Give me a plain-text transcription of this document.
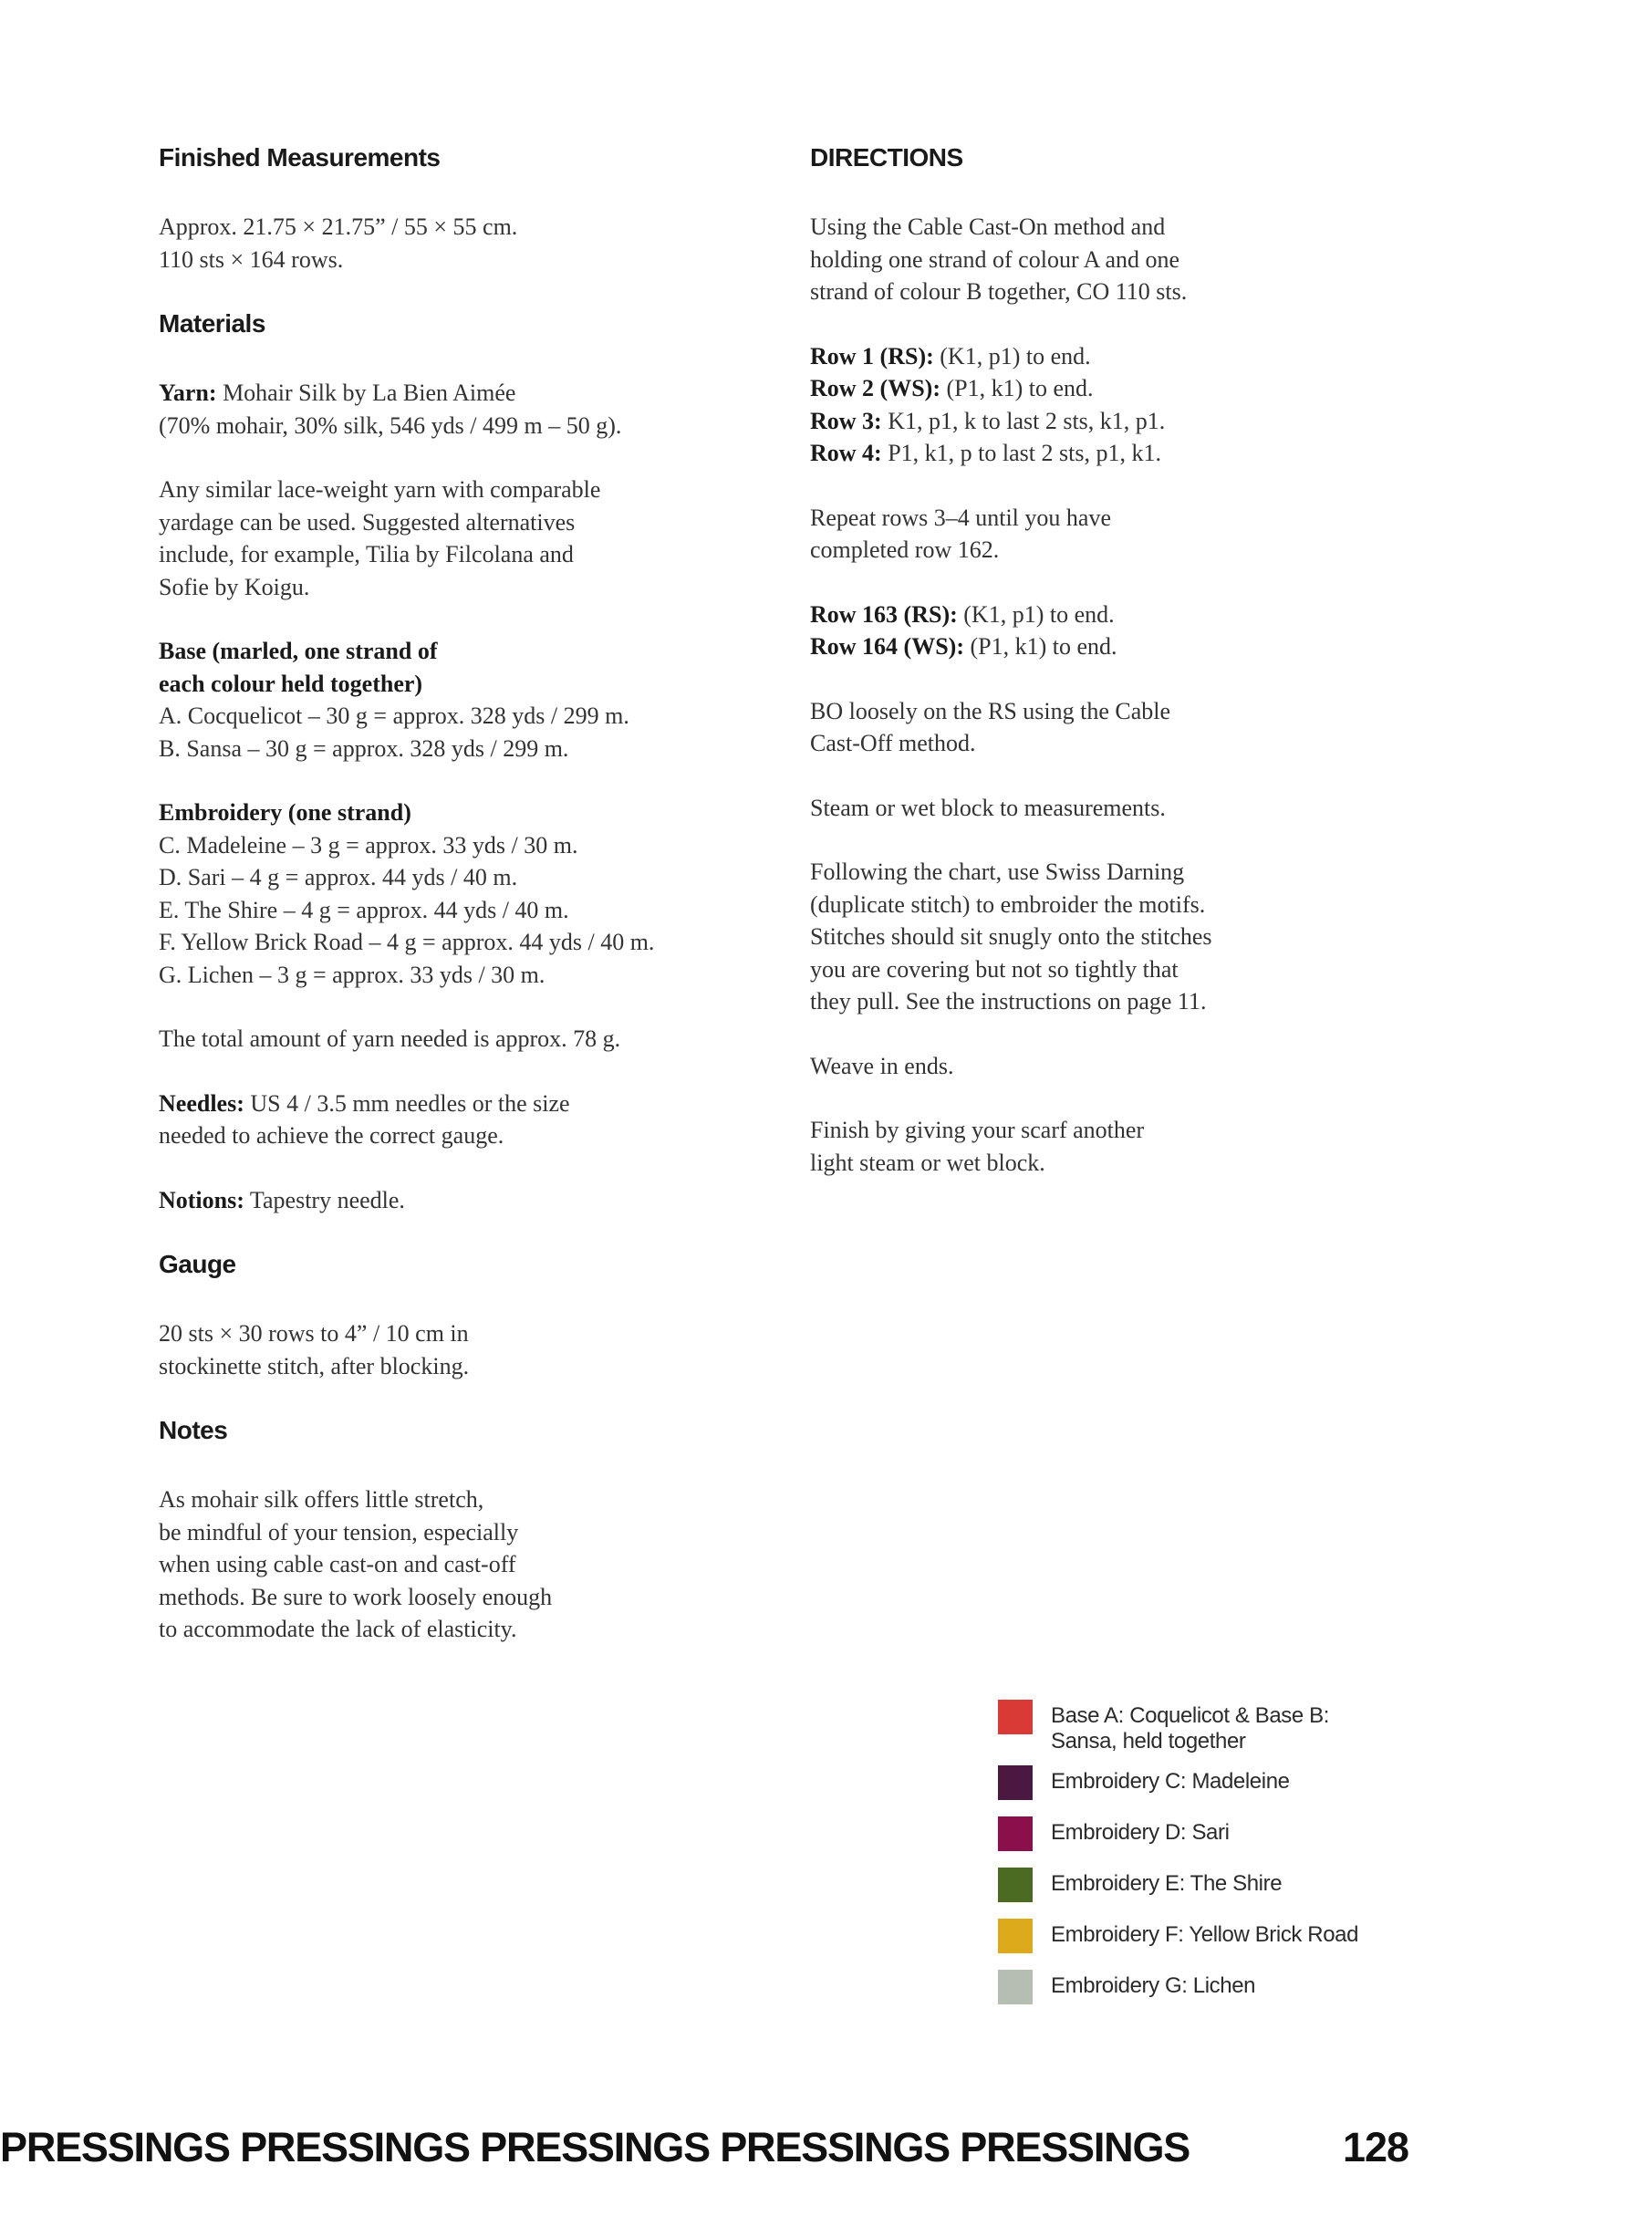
Finished Measurements
Approx. 21.75 × 21.75” / 55 × 55 cm.
110 sts × 164 rows.
Materials
Yarn: Mohair Silk by La Bien Aimée
(70% mohair, 30% silk, 546 yds / 499 m – 50 g).
Any similar lace-weight yarn with comparable
yardage can be used. Suggested alternatives
include, for example, Tilia by Filcolana and
Sofie by Koigu.
Base (marled, one strand of
each colour held together)
A. Cocquelicot – 30 g = approx. 328 yds / 299 m.
B. Sansa – 30 g = approx. 328 yds / 299 m.
Embroidery (one strand)
C. Madeleine – 3 g = approx. 33 yds / 30 m.
D. Sari – 4 g = approx. 44 yds / 40 m.
E. The Shire – 4 g = approx. 44 yds / 40 m.
F. Yellow Brick Road – 4 g = approx. 44 yds / 40 m.
G. Lichen – 3 g = approx. 33 yds / 30 m.
The total amount of yarn needed is approx. 78 g.
Needles: US 4 / 3.5 mm needles or the size
needed to achieve the correct gauge.
Notions: Tapestry needle.
Gauge
20 sts × 30 rows to 4” / 10 cm in
stockinette stitch, after blocking.
Notes
As mohair silk offers little stretch,
be mindful of your tension, especially
when using cable cast-on and cast-off
methods. Be sure to work loosely enough
to accommodate the lack of elasticity.
DIRECTIONS
Using the Cable Cast-On method and
holding one strand of colour A and one
strand of colour B together, CO 110 sts.
Row 1 (RS): (K1, p1) to end.
Row 2 (WS): (P1, k1) to end.
Row 3: K1, p1, k to last 2 sts, k1, p1.
Row 4: P1, k1, p to last 2 sts, p1, k1.
Repeat rows 3–4 until you have
completed row 162.
Row 163 (RS): (K1, p1) to end.
Row 164 (WS): (P1, k1) to end.
BO loosely on the RS using the Cable
Cast-Off method.
Steam or wet block to measurements.
Following the chart, use Swiss Darning
(duplicate stitch) to embroider the motifs.
Stitches should sit snugly onto the stitches
you are covering but not so tightly that
they pull. See the instructions on page 11.
Weave in ends.
Finish by giving your scarf another
light steam or wet block.
Base A: Coquelicot & Base B:
Sansa, held together
Embroidery C: Madeleine
Embroidery D: Sari
Embroidery E: The Shire
Embroidery F: Yellow Brick Road
Embroidery G: Lichen
PRESSINGS PRESSINGS PRESSINGS PRESSINGS PRESSINGS	128
